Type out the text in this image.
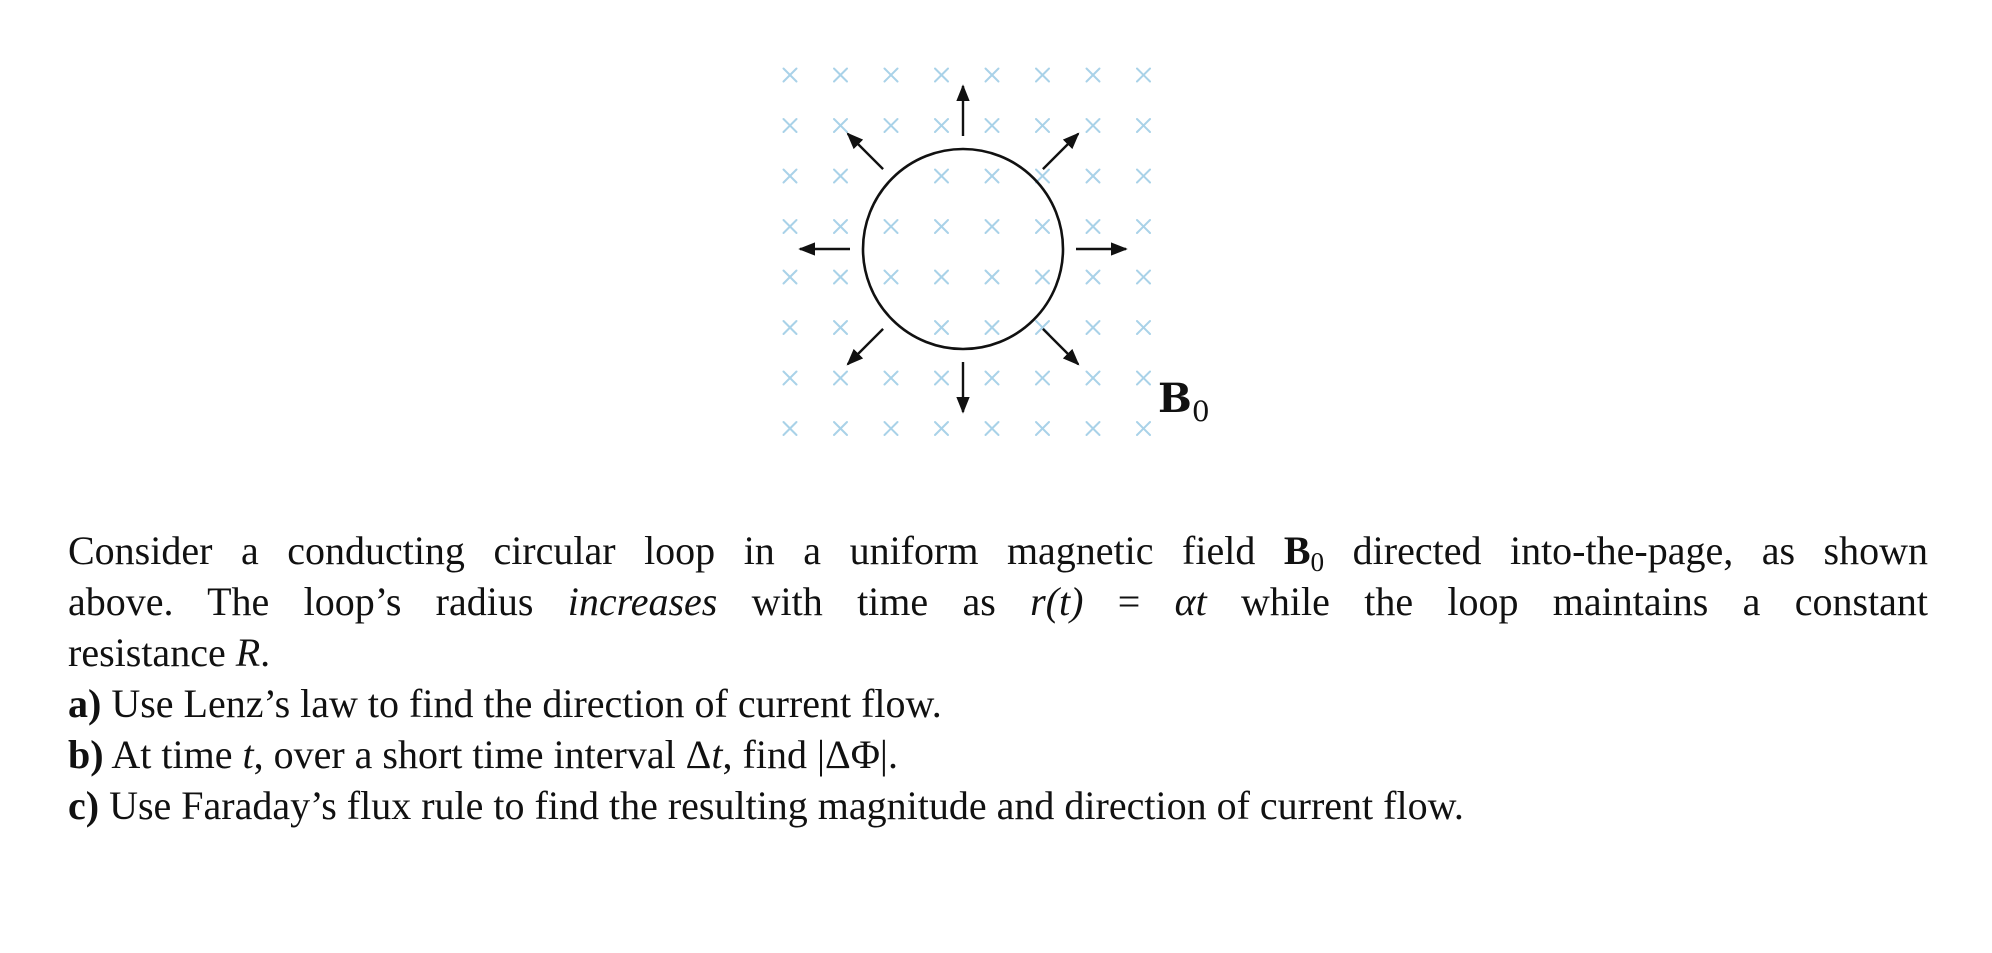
$B_0$

Consider a conducting circular loop in a uniform magnetic field $B_0$ directed into-the-page, as shown

above. The loop’s radius increases with time as r(t) = αt while the loop maintains a constant

resistance R.

a) Use Lenz’s law to find the direction of current flow.

b) At time t, over a short time interval Δt, find |ΔΦ|.

c) Use Faraday’s flux rule to find the resulting magnitude and direction of current flow.
